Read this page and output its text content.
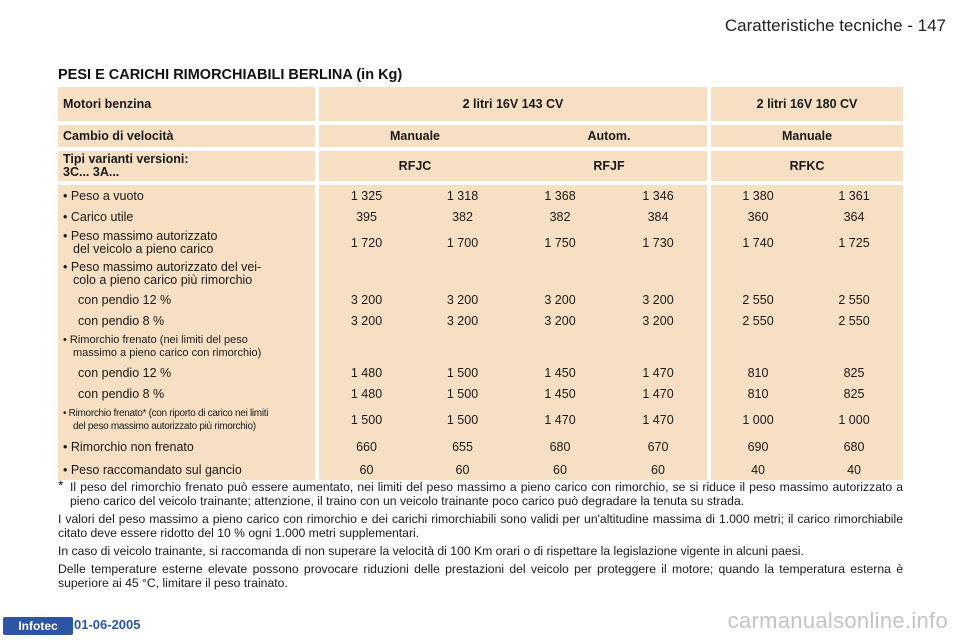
Caratteristiche tecniche - 147
PESI E CARICHI RIMORCHIABILI BERLINA (in Kg)
Motori benzina	2 litri 16V 143 CV				2 litri 16V 180 CV	

Cambio di velocità	Manuale		Autom.		Manuale	

Tipi varianti versioni:
3C... 3A...	RFJC		RFJF		RFKC	

• Peso a vuoto	1 325	1 318	1 368	1 346	1 380	1 361
• Carico utile	395	382	382	384	360	364

• Peso massimo autorizzato
del veicolo a pieno carico	1 720	1 700	1 750	1 730	1 740	1 725

• Peso massimo autorizzato del vei-
colo a pieno carico più rimorchio						

con pendio 12 %	3 200	3 200	3 200	3 200	2 550	2 550
con pendio 8 %	3 200	3 200	3 200	3 200	2 550	2 550

• Rimorchio frenato (nei limiti del peso
massimo a pieno carico con rimorchio)						

con pendio 12 %	1 480	1 500	1 450	1 470	810	825
con pendio 8 %	1 480	1 500	1 450	1 470	810	825

• Rimorchio frenato* (con riporto di carico nei limiti
del peso massimo autorizzato più rimorchio)	1 500	1 500	1 470	1 470	1 000	1 000
• Rimorchio non frenato	660	655	680	670	690	680
• Peso raccomandato sul gancio	60	60	60	60	40	40

* Il peso del rimorchio frenato può essere aumentato, nei limiti del peso massimo a pieno carico con rimorchio, se si riduce il peso massimo autorizzato a pieno carico del veicolo trainante; attenzione, il traino con un veicolo trainante poco carico può degradare la tenuta su strada.

I valori del peso massimo a pieno carico con rimorchio e dei carichi rimorchiabili sono validi per un'altitudine massima di 1.000 metri; il carico rimorchiabile citato deve essere ridotto del 10 % ogni 1.000 metri supplementari.

In caso di veicolo trainante, si raccomanda di non superare la velocità di 100 Km orari o di rispettare la legislazione vigente in alcuni paesi.

Delle temperature esterne elevate possono provocare riduzioni delle prestazioni del veicolo per proteggere il motore; quando la temperatura esterna è superiore ai 45 °C, limitare il peso trainato.

Infotec	01-06-2005	carmanualsonline.info
